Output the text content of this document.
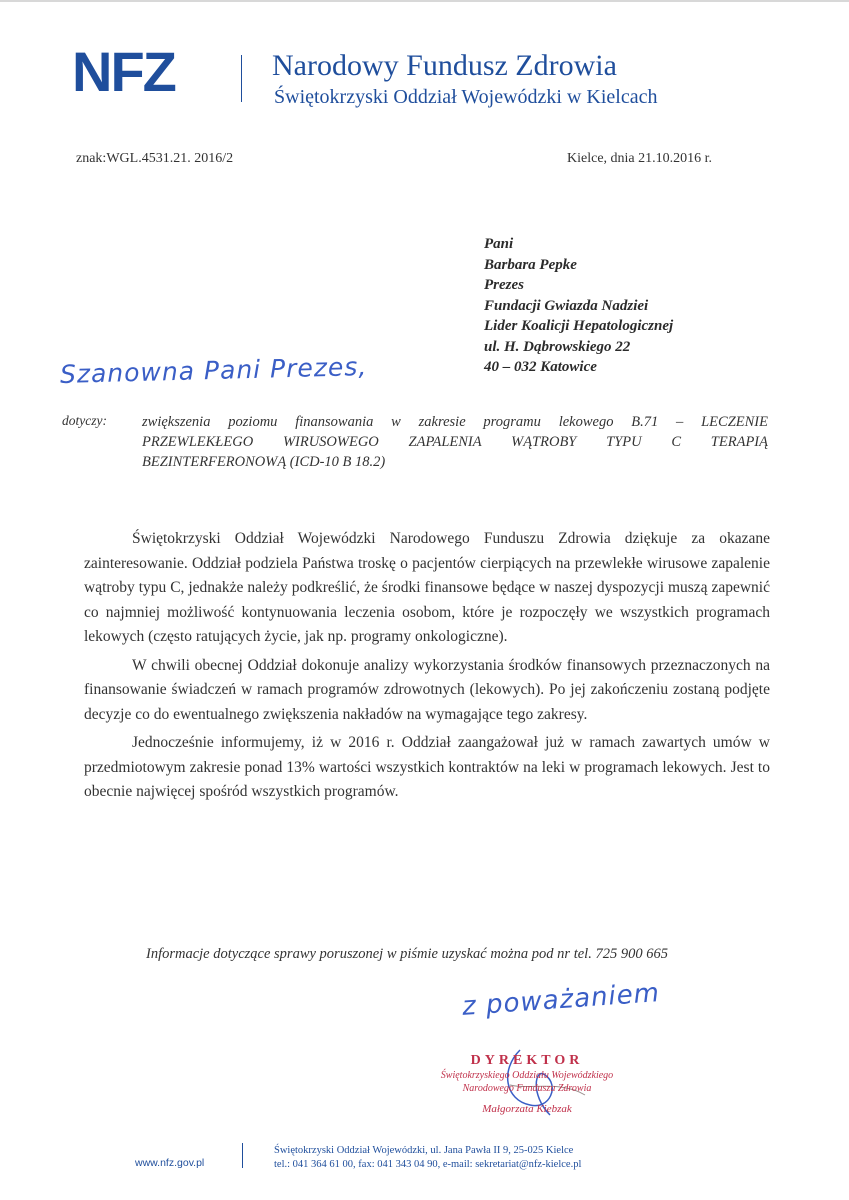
NFZ	Narodowy Fundusz Zdrowia
Świętokrzyski Oddział Wojewódzki w Kielcach
znak:WGL.4531.21. 2016/2	Kielce, dnia 21.10.2016 r.
Pani
Barbara Pepke
Prezes
Fundacji Gwiazda Nadziei
Lider Koalicji Hepatologicznej
ul. H. Dąbrowskiego 22
40 – 032 Katowice
Szanowna Pani Prezes,
dotyczy: zwiększenia poziomu finansowania w zakresie programu lekowego B.71 – LECZENIE
PRZEWLEKŁEGO WIRUSOWEGO ZAPALENIA WĄTROBY TYPU C TERAPIĄ
BEZINTERFERONOWĄ (ICD-10 B 18.2)

Świętokrzyski Oddział Wojewódzki Narodowego Funduszu Zdrowia dziękuje za okazane zainteresowanie. Oddział podziela Państwa troskę o pacjentów cierpiących na przewlekłe wirusowe zapalenie wątroby typu C, jednakże należy podkreślić, że środki finansowe będące w naszej dyspozycji muszą zapewnić co najmniej możliwość kontynuowania leczenia osobom, które je rozpoczęły we wszystkich programach lekowych (często ratujących życie, jak np. programy onkologiczne).

W chwili obecnej Oddział dokonuje analizy wykorzystania środków finansowych przeznaczonych na finansowanie świadczeń w ramach programów zdrowotnych (lekowych). Po jej zakończeniu zostaną podjęte decyzje co do ewentualnego zwiększenia nakładów na wymagające tego zakresy.

Jednocześnie informujemy, iż w 2016 r. Oddział zaangażował już w ramach zawartych umów w przedmiotowym zakresie ponad 13% wartości wszystkich kontraktów na leki w programach lekowych. Jest to obecnie najwięcej spośród wszystkich programów.

Informacje dotyczące sprawy poruszonej w piśmie uzyskać można pod nr tel. 725 900 665
z poważaniem
DYREKTOR
Świętokrzyskiego Oddziału Wojewódzkiego
Narodowego Funduszu Zdrowia
Małgorzata Kiebzak
www.nfz.gov.pl
Świętokrzyski Oddział Wojewódzki, ul. Jana Pawła II 9, 25-025 Kielce
tel.: 041 364 61 00, fax: 041 343 04 90, e-mail: sekretariat@nfz-kielce.pl
